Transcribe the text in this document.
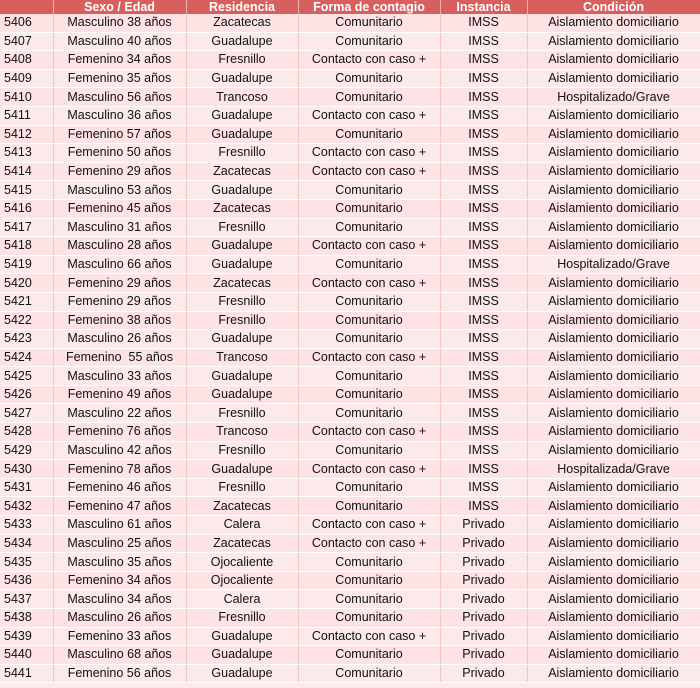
	Sexo / Edad	Residencia	Forma de contagio	Instancia	Condición
5406	Masculino 38 años	Zacatecas	Comunitario	IMSS	Aislamiento domiciliario
5407	Masculino 40 años	Guadalupe	Comunitario	IMSS	Aislamiento domiciliario
5408	Femenino 34 años	Fresnillo	Contacto con caso +	IMSS	Aislamiento domiciliario
5409	Femenino 35 años	Guadalupe	Comunitario	IMSS	Aislamiento domiciliario
5410	Masculino 56 años	Trancoso	Comunitario	IMSS	Hospitalizado/Grave
5411	Masculino 36 años	Guadalupe	Contacto con caso +	IMSS	Aislamiento domiciliario
5412	Femenino 57 años	Guadalupe	Comunitario	IMSS	Aislamiento domiciliario
5413	Femenino 50 años	Fresnillo	Contacto con caso +	IMSS	Aislamiento domiciliario
5414	Femenino 29 años	Zacatecas	Contacto con caso +	IMSS	Aislamiento domiciliario
5415	Masculino 53 años	Guadalupe	Comunitario	IMSS	Aislamiento domiciliario
5416	Femenino 45 años	Zacatecas	Comunitario	IMSS	Aislamiento domiciliario
5417	Masculino 31 años	Fresnillo	Comunitario	IMSS	Aislamiento domiciliario
5418	Masculino 28 años	Guadalupe	Contacto con caso +	IMSS	Aislamiento domiciliario
5419	Masculino 66 años	Guadalupe	Comunitario	IMSS	Hospitalizado/Grave
5420	Femenino 29 años	Zacatecas	Contacto con caso +	IMSS	Aislamiento domiciliario
5421	Femenino 29 años	Fresnillo	Comunitario	IMSS	Aislamiento domiciliario
5422	Femenino 38 años	Fresnillo	Comunitario	IMSS	Aislamiento domiciliario
5423	Masculino 26 años	Guadalupe	Comunitario	IMSS	Aislamiento domiciliario
5424	Femenino  55 años	Trancoso	Contacto con caso +	IMSS	Aislamiento domiciliario
5425	Masculino 33 años	Guadalupe	Comunitario	IMSS	Aislamiento domiciliario
5426	Femenino 49 años	Guadalupe	Comunitario	IMSS	Aislamiento domiciliario
5427	Masculino 22 años	Fresnillo	Comunitario	IMSS	Aislamiento domiciliario
5428	Femenino 76 años	Trancoso	Contacto con caso +	IMSS	Aislamiento domiciliario
5429	Masculino 42 años	Fresnillo	Comunitario	IMSS	Aislamiento domiciliario
5430	Femenino 78 años	Guadalupe	Contacto con caso +	IMSS	Hospitalizada/Grave
5431	Femenino 46 años	Fresnillo	Comunitario	IMSS	Aislamiento domiciliario
5432	Femenino 47 años	Zacatecas	Comunitario	IMSS	Aislamiento domiciliario
5433	Masculino 61 años	Calera	Contacto con caso +	Privado	Aislamiento domiciliario
5434	Masculino 25 años	Zacatecas	Contacto con caso +	Privado	Aislamiento domiciliario
5435	Masculino 35 años	Ojocaliente	Comunitario	Privado	Aislamiento domiciliario
5436	Femenino 34 años	Ojocaliente	Comunitario	Privado	Aislamiento domiciliario
5437	Masculino 34 años	Calera	Comunitario	Privado	Aislamiento domiciliario
5438	Masculino 26 años	Fresnillo	Comunitario	Privado	Aislamiento domiciliario
5439	Femenino 33 años	Guadalupe	Contacto con caso +	Privado	Aislamiento domiciliario
5440	Masculino 68 años	Guadalupe	Comunitario	Privado	Aislamiento domiciliario
5441	Femenino 56 años	Guadalupe	Comunitario	Privado	Aislamiento domiciliario
